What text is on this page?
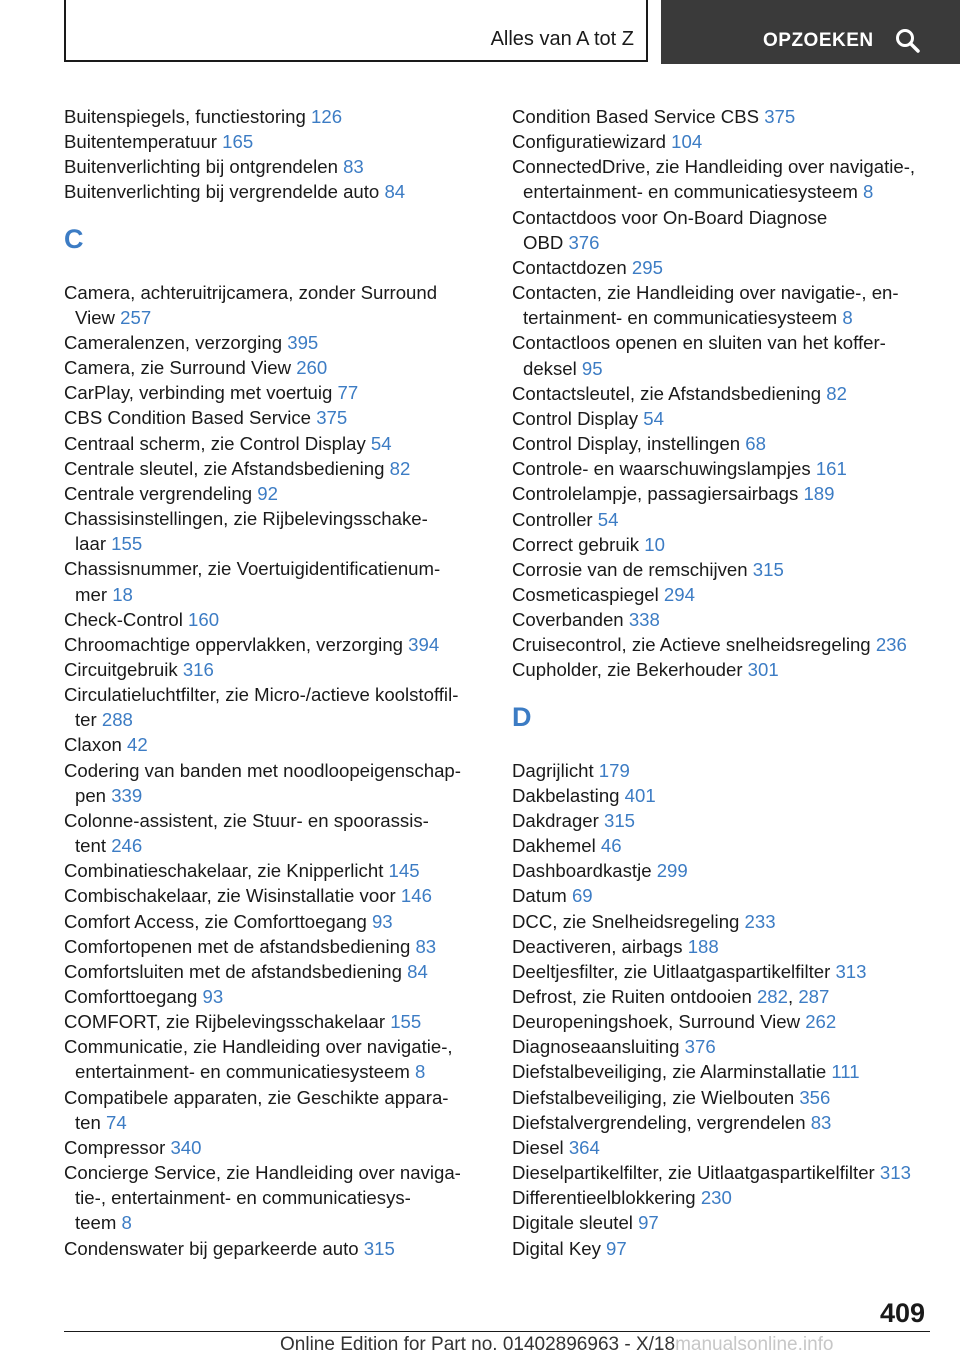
Alles van A tot Z	OPZOEKEN
Buitenspiegels, functiestoring 126
Buitentemperatuur 165
Buitenverlichting bij ontgrendelen 83
Buitenverlichting bij vergrendelde auto 84
C
Camera, achteruitrijcamera, zonder Surround
View 257
Cameralenzen, verzorging 395
Camera, zie Surround View 260
CarPlay, verbinding met voertuig 77
CBS Condition Based Service 375
Centraal scherm, zie Control Display 54
Centrale sleutel, zie Afstandsbediening 82
Centrale vergrendeling 92
Chassisinstellingen, zie Rijbelevingsschake-
laar 155
Chassisnummer, zie Voertuigidentificatienum-
mer 18
Check-Control 160
Chroomachtige oppervlakken, verzorging 394
Circuitgebruik 316
Circulatieluchtfilter, zie Micro-/actieve koolstoffil-
ter 288
Claxon 42
Codering van banden met noodloopeigenschap-
pen 339
Colonne-assistent, zie Stuur- en spoorassis-
tent 246
Combinatieschakelaar, zie Knipperlicht 145
Combischakelaar, zie Wisinstallatie voor 146
Comfort Access, zie Comforttoegang 93
Comfortopenen met de afstandsbediening 83
Comfortsluiten met de afstandsbediening 84
Comforttoegang 93
COMFORT, zie Rijbelevingsschakelaar 155
Communicatie, zie Handleiding over navigatie-,
entertainment- en communicatiesysteem 8
Compatibele apparaten, zie Geschikte appara-
ten 74
Compressor 340
Concierge Service, zie Handleiding over naviga-
tie-, entertainment- en communicatiesys-
teem 8
Condenswater bij geparkeerde auto 315
Condition Based Service CBS 375
Configuratiewizard 104
ConnectedDrive, zie Handleiding over navigatie-,
entertainment- en communicatiesysteem 8
Contactdoos voor On-Board Diagnose
OBD 376
Contactdozen 295
Contacten, zie Handleiding over navigatie-, en-
tertainment- en communicatiesysteem 8
Contactloos openen en sluiten van het koffer-
deksel 95
Contactsleutel, zie Afstandsbediening 82
Control Display 54
Control Display, instellingen 68
Controle- en waarschuwingslampjes 161
Controlelampje, passagiersairbags 189
Controller 54
Correct gebruik 10
Corrosie van de remschijven 315
Cosmeticaspiegel 294
Coverbanden 338
Cruisecontrol, zie Actieve snelheidsregeling 236
Cupholder, zie Bekerhouder 301
D
Dagrijlicht 179
Dakbelasting 401
Dakdrager 315
Dakhemel 46
Dashboardkastje 299
Datum 69
DCC, zie Snelheidsregeling 233
Deactiveren, airbags 188
Deeltjesfilter, zie Uitlaatgaspartikelfilter 313
Defrost, zie Ruiten ontdooien 282, 287
Deuropeningshoek, Surround View 262
Diagnoseaansluiting 376
Diefstalbeveiliging, zie Alarminstallatie 111
Diefstalbeveiliging, zie Wielbouten 356
Diefstalvergrendeling, vergrendelen 83
Diesel 364
Dieselpartikelfilter, zie Uitlaatgaspartikelfilter 313
Differentieelblokkering 230
Digitale sleutel 97
Digital Key 97
409
Online Edition for Part no. 01402896963 - X/18manualsonline.info
